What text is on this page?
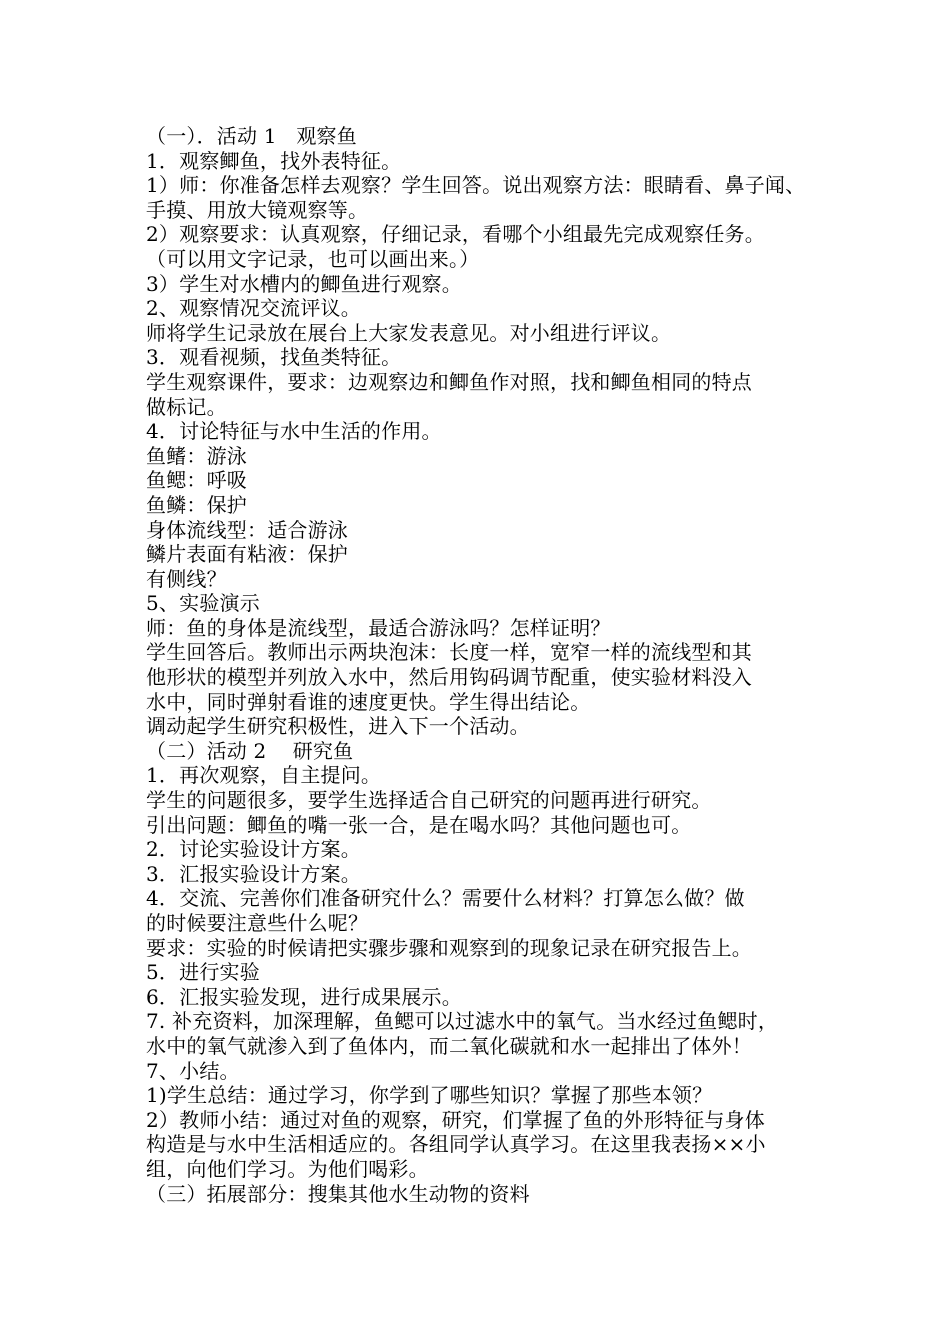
（一）．活动 1   观察鱼
1．观察鲫鱼，找外表特征。
1）师：你准备怎样去观察？学生回答。说出观察方法：眼睛看、鼻子闻、
手摸、用放大镜观察等。
2）观察要求：认真观察，仔细记录，看哪个小组最先完成观察任务。
（可以用文字记录，也可以画出来。）
3）学生对水槽内的鲫鱼进行观察。
2、观察情况交流评议。
师将学生记录放在展台上大家发表意见。对小组进行评议。
3．观看视频，找鱼类特征。
学生观察课件，要求：边观察边和鲫鱼作对照，找和鲫鱼相同的特点
做标记。
4．讨论特征与水中生活的作用。
鱼鳍：游泳
鱼鳃：呼吸
鱼鳞：保护
身体流线型：适合游泳
鳞片表面有粘液：保护
有侧线？
5、实验演示
师：鱼的身体是流线型，最适合游泳吗？怎样证明？
学生回答后。教师出示两块泡沫：长度一样，宽窄一样的流线型和其
他形状的模型并列放入水中，然后用钩码调节配重，使实验材料没入
水中，同时弹射看谁的速度更快。学生得出结论。
调动起学生研究积极性，进入下一个活动。
（二）活动 2    研究鱼
1．再次观察，自主提问。
学生的问题很多，要学生选择适合自己研究的问题再进行研究。
引出问题：鲫鱼的嘴一张一合，是在喝水吗？其他问题也可。
2．讨论实验设计方案。
3．汇报实验设计方案。
4．交流、完善你们准备研究什么？需要什么材料？打算怎么做？做
的时候要注意些什么呢？
要求：实验的时候请把实骤步骤和观察到的现象记录在研究报告上。
5．进行实验
6．汇报实验发现，进行成果展示。
7. 补充资料，加深理解，鱼鳃可以过滤水中的氧气。当水经过鱼鳃时，
水中的氧气就渗入到了鱼体内，而二氧化碳就和水一起排出了体外！
7、小结。
1)学生总结：通过学习，你学到了哪些知识？掌握了那些本领？
2）教师小结：通过对鱼的观察，研究，们掌握了鱼的外形特征与身体
构造是与水中生活相适应的。各组同学认真学习。在这里我表扬××小
组，向他们学习。为他们喝彩。
（三）拓展部分：搜集其他水生动物的资料
